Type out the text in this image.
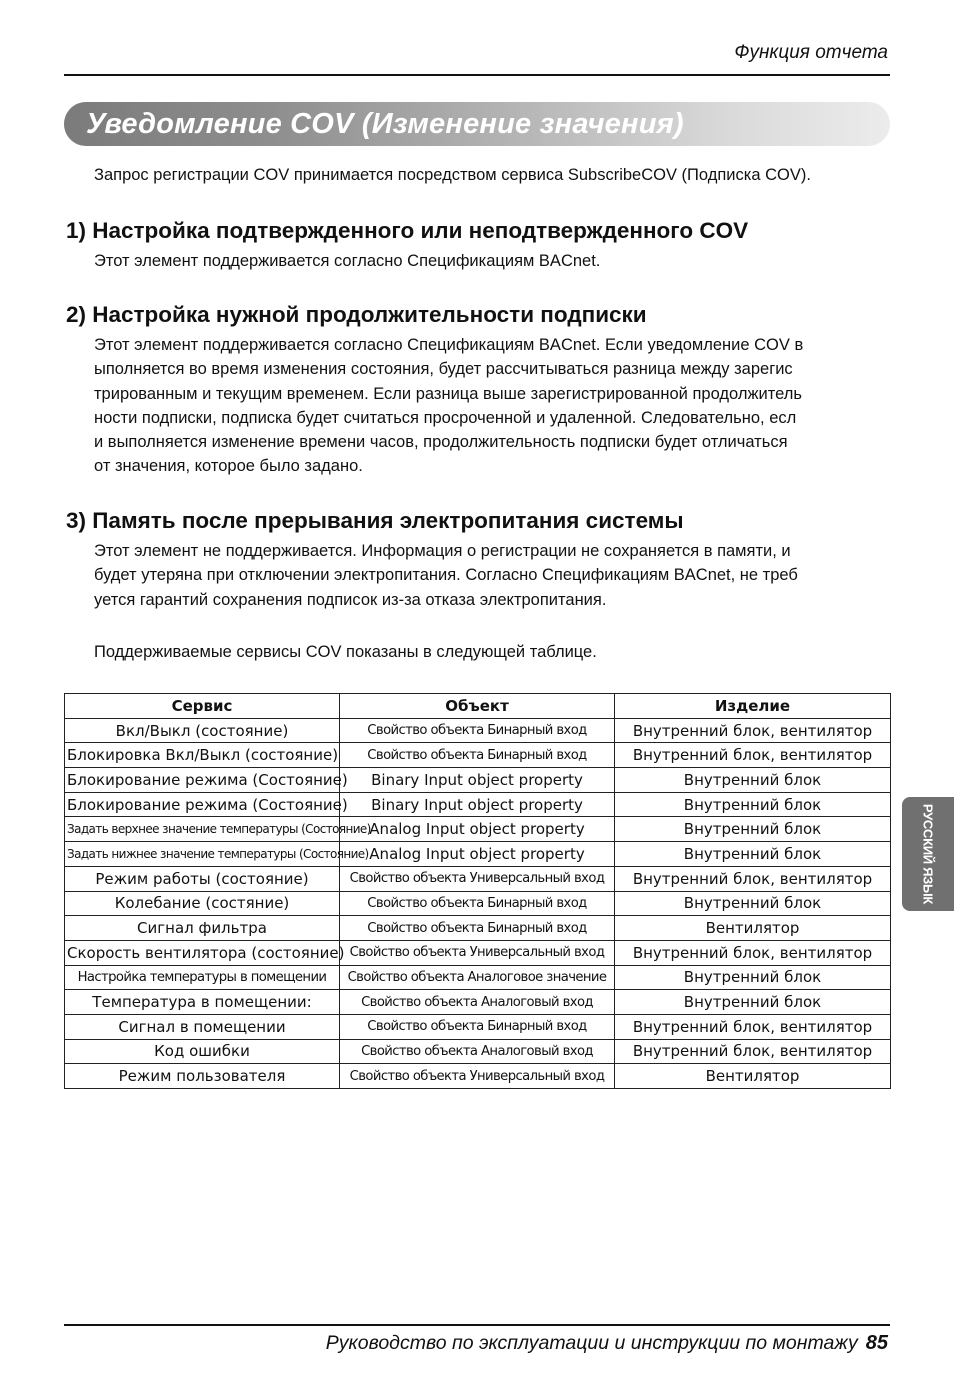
Функция отчета
Уведомление COV (Изменение значения)
Запрос регистрации COV принимается посредством сервиса SubscribeCOV (Подписка COV).
1) Настройка подтвержденного или неподтвержденного COV
Этот элемент поддерживается согласно Спецификациям BACnet.
2) Настройка нужной продолжительности подписки
Этот элемент поддерживается согласно Спецификациям BACnet. Если уведомление COV в
ыполняется во время изменения состояния, будет рассчитываться разница между зарегис
трированным и текущим временем. Если разница выше зарегистрированной продолжитель
ности подписки, подписка будет считаться просроченной и удаленной. Следовательно, есл
и выполняется изменение времени часов, продолжительность подписки будет отличаться
от значения, которое было задано.
3) Память после прерывания электропитания системы
Этот элемент не поддерживается. Информация о регистрации не сохраняется в памяти, и
будет утеряна при отключении электропитания. Согласно Спецификациям BACnet, не треб
уется гарантий сохранения подписок из-за отказа электропитания.
Поддерживаемые сервисы COV показаны в следующей таблице.
Сервис	Объект	Изделие
Вкл/Выкл (состояние)	Свойство объекта Бинарный вход	Внутренний блок, вентилятор
Блокировка Вкл/Выкл (состояние)	Свойство объекта Бинарный вход	Внутренний блок, вентилятор
Блокирование режима (Состояние)	Binary Input object property	Внутренний блок
Блокирование режима (Состояние)	Binary Input object property	Внутренний блок
Задать верхнее значение температуры (Состояние)	Analog Input object property	Внутренний блок
Задать нижнее значение температуры (Состояние)	Analog Input object property	Внутренний блок
Режим работы (состояние)	Свойство объекта Универсальный вход	Внутренний блок, вентилятор
Колебание (состяние)	Свойство объекта Бинарный вход	Внутренний блок
Сигнал фильтра	Свойство объекта Бинарный вход	Вентилятор
Скорость вентилятора (состояние)	Свойство объекта Универсальный вход	Внутренний блок, вентилятор
Настройка температуры в помещении	Свойство объекта Аналоговое значение	Внутренний блок
Температура в помещении:	Свойство объекта Аналоговый вход	Внутренний блок
Сигнал в помещении	Свойство объекта Бинарный вход	Внутренний блок, вентилятор
Код ошибки	Свойство объекта Аналоговый вход	Внутренний блок, вентилятор
Режим пользователя	Свойство объекта Универсальный вход	Вентилятор
РУССКИЙ ЯЗЫК
Руководство по эксплуатации и инструкции по монтажу 85
